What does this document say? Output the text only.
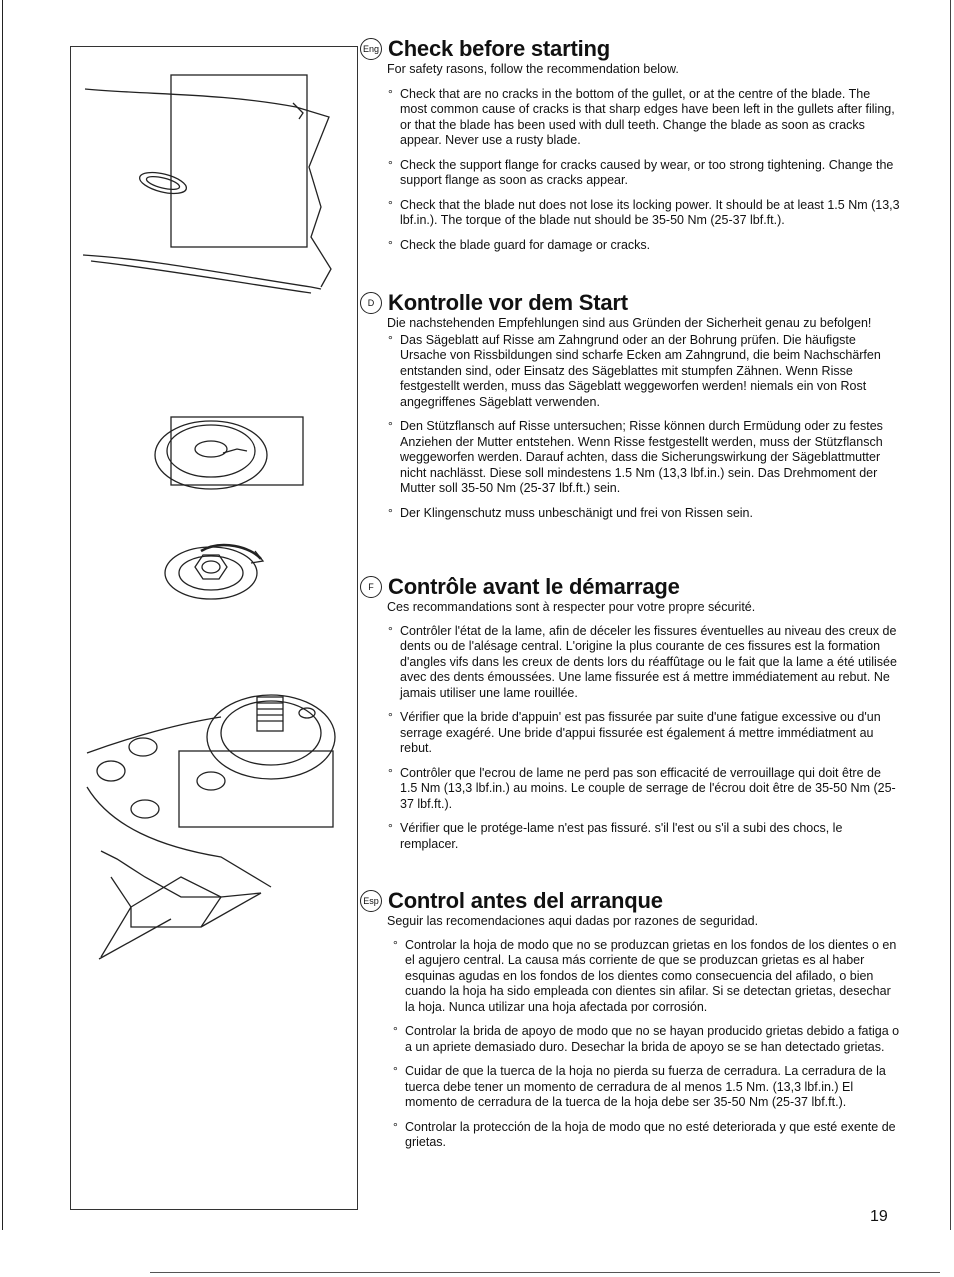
Eng Check before starting

For safety rasons, follow the recommendation below.

° Check that are no cracks in the bottom of the gullet, or at the centre of the blade. The most common cause of cracks is that sharp edges have been left in the gullets after filing, or that the blade has been used with dull teeth. Change the blade as soon as cracks appear. Never use a rusty blade.
° Check the support flange for cracks caused by wear, or too strong tightening. Change the support flange as soon as cracks appear.
° Check that the blade nut does not lose its locking power. It should be at least 1.5 Nm (13,3 lbf.in.). The torque of the blade nut should be 35-50 Nm (25-37 lbf.ft.).
° Check the blade guard for damage or cracks.
D Kontrolle vor dem Start

Die nachstehenden Empfehlungen sind aus Gründen der Sicherheit genau zu befolgen!

° Das Sägeblatt auf Risse am Zahngrund oder an der Bohrung prüfen. Die häufigste Ursache von Rissbildungen sind scharfe Ecken am Zahngrund, die beim Nachschärfen entstanden sind, oder Einsatz des Sägeblattes mit stumpfen Zähnen. Wenn Risse festgestellt werden, muss das Sägeblatt weggeworfen werden! niemals ein von Rost angegriffenes Sägeblatt verwenden.
° Den Stützflansch auf Risse untersuchen; Risse können durch Ermüdung oder zu festes Anziehen der Mutter entstehen. Wenn Risse festgestellt werden, muss der Stützflansch weggeworfen werden. Darauf achten, dass die Sicherungswirkung der Sägeblattmutter nicht nachlässt. Diese soll mindestens 1.5 Nm (13,3 lbf.in.) sein. Das Drehmoment der Mutter soll 35-50 Nm (25-37 lbf.ft.) sein.
° Der Klingenschutz muss unbeschänigt und frei von Rissen sein.
F Contrôle avant le démarrage

Ces recommandations sont à respecter pour votre propre sécurité.

° Contrôler l'état de la lame, afin de déceler les fissures éventuelles au niveau des creux de dents ou de l'alésage central. L'origine la plus courante de ces fissures est la formation d'angles vifs dans les creux de dents lors du réaffûtage ou le fait que la lame a été utilisée avec des dents émoussées. Une lame fissurée est á mettre immédiatement au rebut. Ne jamais utiliser une lame rouillée.
° Vérifier que la bride d'appuin' est pas fissurée par suite d'une fatigue excessive ou d'un serrage exagéré. Une bride d'appui fissurée est également á mettre immédiatment au rebut.
° Contrôler que l'ecrou de lame ne perd pas son efficacité de verrouillage qui doit être de 1.5 Nm (13,3 lbf.in.) au moins. Le couple de serrage de l'écrou doit être de 35-50 Nm (25-37 lbf.ft.).
° Vérifier que le protége-lame n'est pas fissuré. s'il l'est ou s'il a subi des chocs, le remplacer.
Esp Control antes del arranque

Seguir las recomendaciones aqui dadas por razones de seguridad.

° Controlar la hoja de modo que no se produzcan grietas en los fondos de los dientes o en el agujero central. La causa más corriente de que se produzcan grietas es al haber esquinas agudas en los fondos de los dientes como consecuencia del afilado, o bien cuando la hoja ha sido empleada con dientes sin afilar. Si se detectan grietas, desechar la hoja. Nunca utilizar una hoja afectada por corrosión.
° Controlar la brida de apoyo de modo que no se hayan producido grietas debido a fatiga o a un apriete demasiado duro. Desechar la brida de apoyo se se han detectado grietas.
° Cuidar de que la tuerca de la hoja no pierda su fuerza de cerradura. La cerradura de la tuerca debe tener un momento de cerradura de al menos 1.5 Nm. (13,3 lbf.in.) El momento de cerradura de la tuerca de la hoja debe ser 35-50 Nm (25-37 lbf.ft.).
° Controlar la protección de la hoja de modo que no esté deteriorada y que esté exente de grietas.
19
